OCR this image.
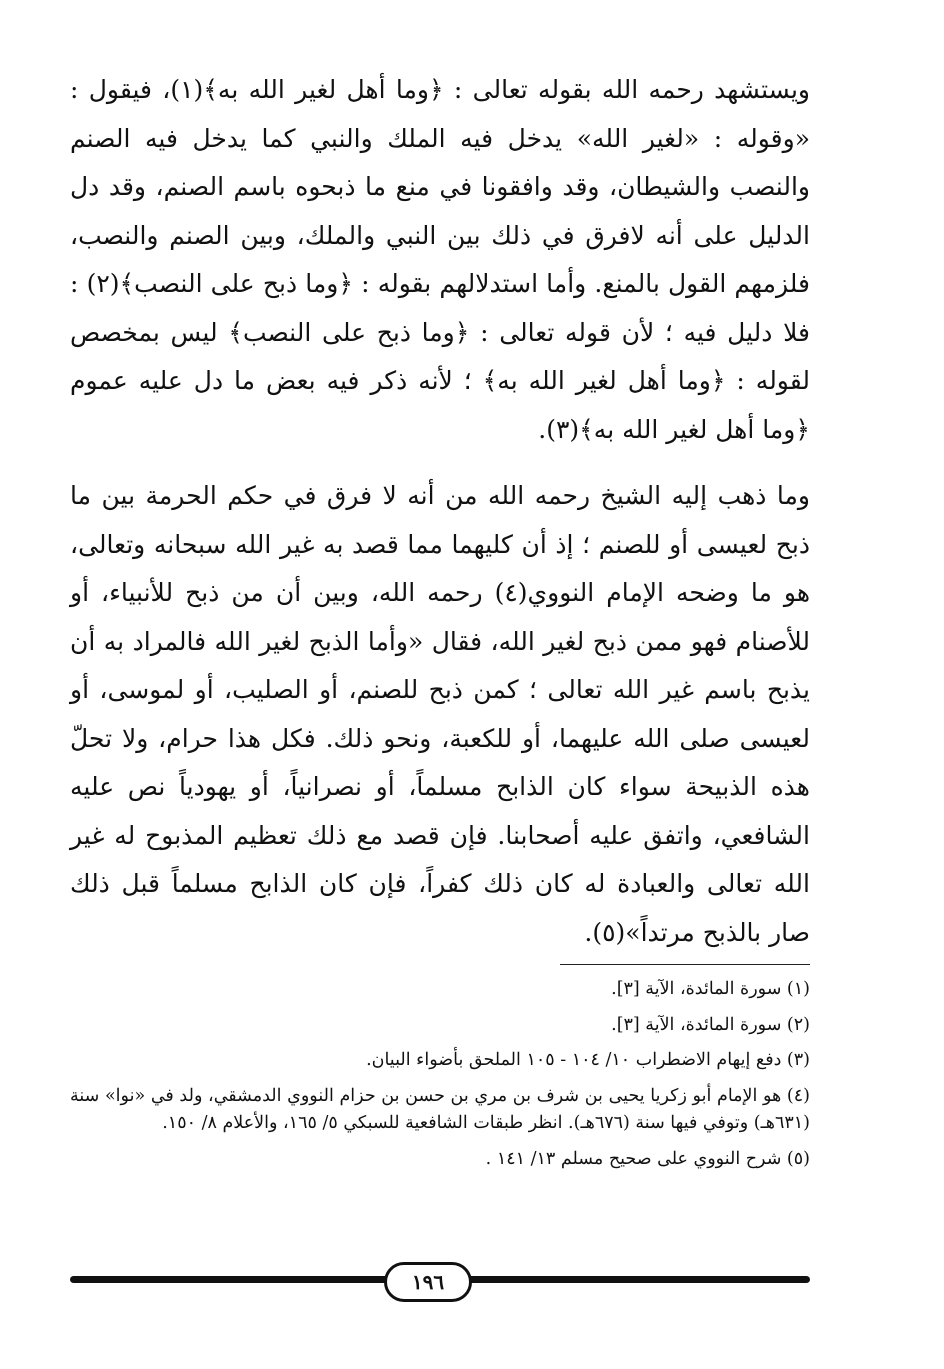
ويستشهد رحمه الله بقوله تعالى : ﴿وما أهل لغير الله به﴾(١)، فيقول : «وقوله : «لغير الله» يدخل فيه الملك والنبي كما يدخل فيه الصنم والنصب والشيطان، وقد وافقونا في منع ما ذبحوه باسم الصنم، وقد دل الدليل على أنه لافرق في ذلك بين النبي والملك، وبين الصنم والنصب، فلزمهم القول بالمنع. وأما استدلالهم بقوله : ﴿وما ذبح على النصب﴾(٢) : فلا دليل فيه ؛ لأن قوله تعالى : ﴿وما ذبح على النصب﴾ ليس بمخصص لقوله : ﴿وما أهل لغير الله به﴾ ؛ لأنه ذكر فيه بعض ما دل عليه عموم ﴿وما أهل لغير الله به﴾(٣).

وما ذهب إليه الشيخ رحمه الله من أنه لا فرق في حكم الحرمة بين ما ذبح لعيسى أو للصنم ؛ إذ أن كليهما مما قصد به غير الله سبحانه وتعالى، هو ما وضحه الإمام النووي(٤) رحمه الله، وبين أن من ذبح للأنبياء، أو للأصنام فهو ممن ذبح لغير الله، فقال «وأما الذبح لغير الله فالمراد به أن يذبح باسم غير الله تعالى ؛ كمن ذبح للصنم، أو الصليب، أو لموسى، أو لعيسى صلى الله عليهما، أو للكعبة، ونحو ذلك. فكل هذا حرام، ولا تحلّ هذه الذبيحة سواء كان الذابح مسلماً، أو نصرانياً، أو يهودياً نص عليه الشافعي، واتفق عليه أصحابنا. فإن قصد مع ذلك تعظيم المذبوح له غير الله تعالى والعبادة له كان ذلك كفراً، فإن كان الذابح مسلماً قبل ذلك صار بالذبح مرتداً»(٥).

(١) سورة المائدة، الآية [٣].

(٢) سورة المائدة، الآية [٣].

(٣) دفع إيهام الاضطراب ١٠/ ١٠٤ - ١٠٥ الملحق بأضواء البيان.

(٤) هو الإمام أبو زكريا يحيى بن شرف بن مري بن حسن بن حزام النووي الدمشقي، ولد في «نوا» سنة (٦٣١هـ) وتوفي فيها سنة (٦٧٦هـ). انظر طبقات الشافعية للسبكي ٥/ ١٦٥، والأعلام ٨/ ١٥٠.

(٥) شرح النووي على صحيح مسلم ١٣/ ١٤١ .

١٩٦
